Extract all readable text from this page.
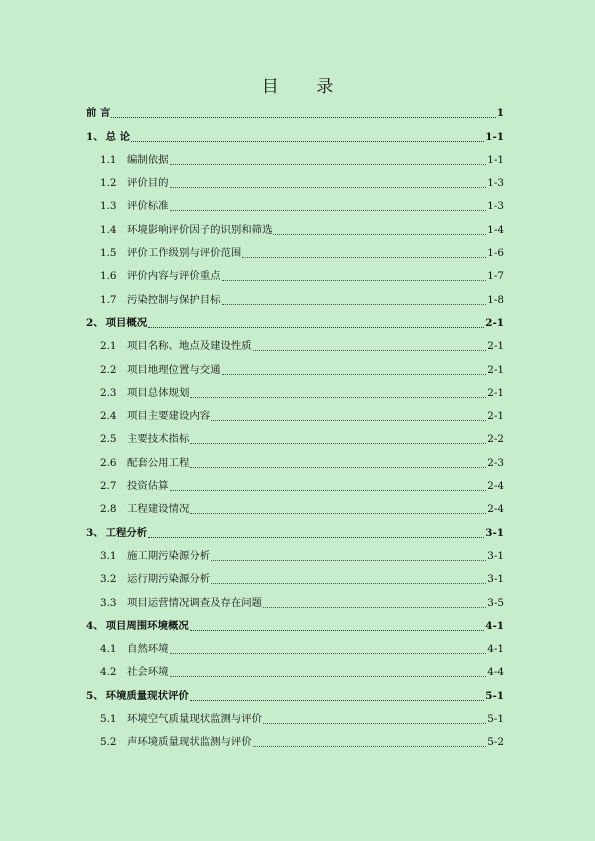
目 录
前 言	1
1、 总 论	1-1
1.1	编制依据	1-1
1.2	评价目的	1-3
1.3	评价标准	1-3
1.4	环境影响评价因子的识别和筛选	1-4
1.5	评价工作级别与评价范围	1-6
1.6	评价内容与评价重点	1-7
1.7	污染控制与保护目标	1-8
2、 项目概况	2-1
2.1	项目名称、地点及建设性质	2-1
2.2	项目地理位置与交通	2-1
2.3	项目总体规划	2-1
2.4	项目主要建设内容	2-1
2.5	主要技术指标	2-2
2.6	配套公用工程	2-3
2.7	投资估算	2-4
2.8	工程建设情况	2-4
3、 工程分析	3-1
3.1	施工期污染源分析	3-1
3.2	运行期污染源分析	3-1
3.3	项目运营情况调查及存在问题	3-5
4、 项目周围环境概况	4-1
4.1	自然环境	4-1
4.2	社会环境	4-4
5、 环境质量现状评价	5-1
5.1	环境空气质量现状监测与评价	5-1
5.2	声环境质量现状监测与评价	5-2
